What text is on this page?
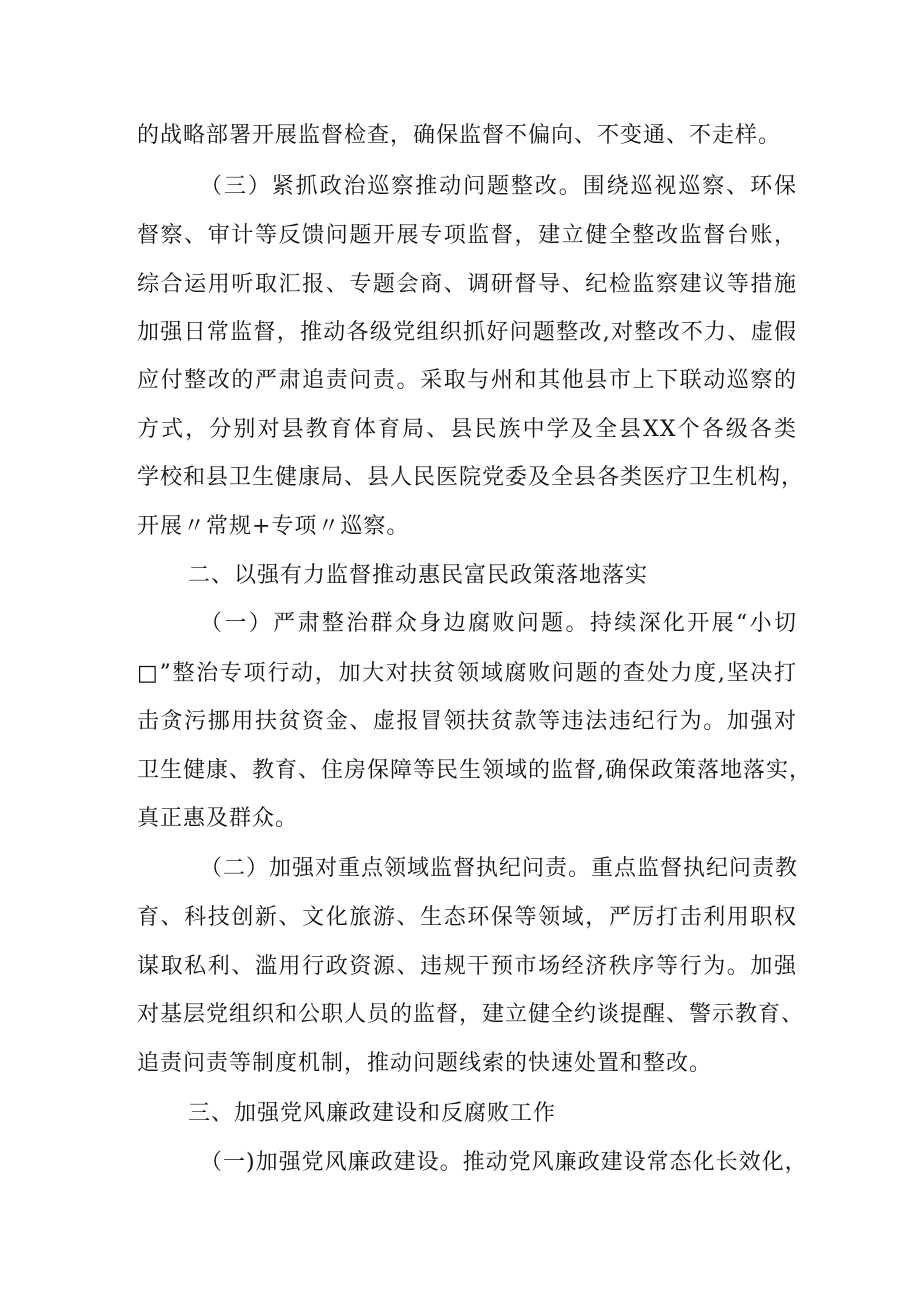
的战略部署开展监督检查，确保监督不偏向、不变通、不走样。
（三）紧抓政治巡察推动问题整改。围绕巡视巡察、环保
督察、审计等反馈问题开展专项监督，建立健全整改监督台账，
综合运用听取汇报、专题会商、调研督导、纪检监察建议等措施
加强日常监督，推动各级党组织抓好问题整改,对整改不力、虚假
应付整改的严肃追责问责。采取与州和其他县市上下联动巡察的
方式，分别对县教育体育局、县民族中学及全县XX个各级各类
学校和县卫生健康局、县人民医院党委及全县各类医疗卫生机构，
开展〃常规+专项〃巡察。
二、以强有力监督推动惠民富民政策落地落实
（一）严肃整治群众身边腐败问题。持续深化开展“小切
□”整治专项行动，加大对扶贫领域腐败问题的查处力度,坚决打
击贪污挪用扶贫资金、虚报冒领扶贫款等违法违纪行为。加强对
卫生健康、教育、住房保障等民生领域的监督,确保政策落地落实，
真正惠及群众。
（二）加强对重点领域监督执纪问责。重点监督执纪问责教
育、科技创新、文化旅游、生态环保等领域，严厉打击利用职权
谋取私利、滥用行政资源、违规干预市场经济秩序等行为。加强
对基层党组织和公职人员的监督，建立健全约谈提醒、警示教育、
追责问责等制度机制，推动问题线索的快速处置和整改。
三、加强党风廉政建设和反腐败工作
（一)加强党风廉政建设。推动党风廉政建设常态化长效化，
